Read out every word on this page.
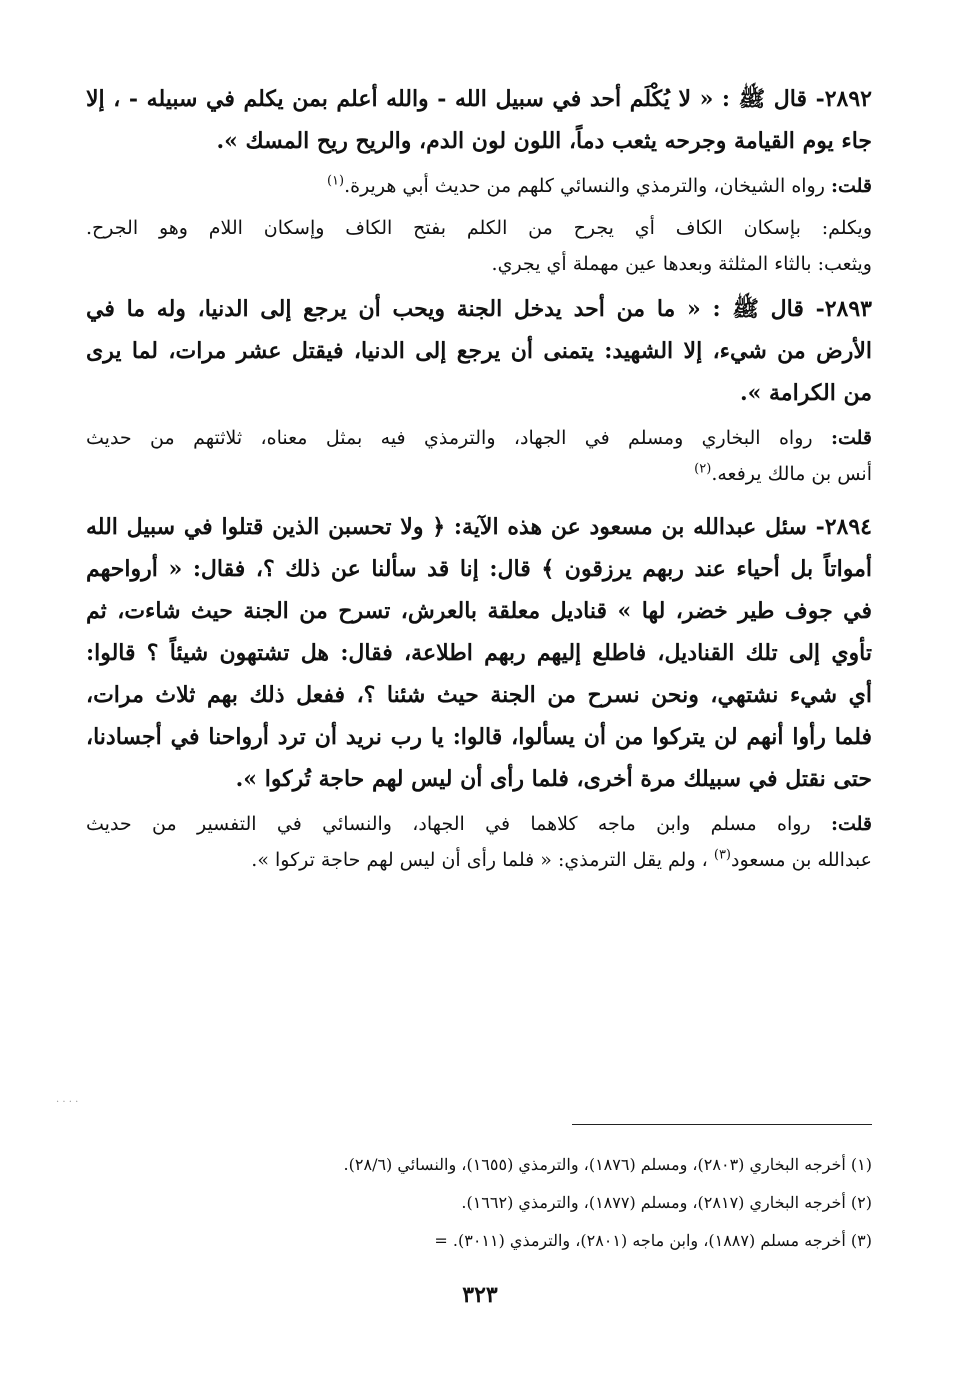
٢٨٩٢- قال ﷺ : « لا يُكْلَم أحد في سبيل الله - والله أعلم بمن يكلم في سبيله - ، إلا
جاء يوم القيامة وجرحه يثعب دماً، اللون لون الدم، والريح ريح المسك ».
قلت: رواه الشيخان، والترمذي والنسائي كلهم من حديث أبي هريرة.$^{(١)}$
ويكلم: بإسكان الكاف أي يجرح من الكلم بفتح الكاف وإسكان اللام وهو الجرح.
ويثعب: بالثاء المثلثة وبعدها عين مهملة أي يجري.
٢٨٩٣- قال ﷺ : « ما من أحد يدخل الجنة ويحب أن يرجع إلى الدنيا، وله ما في
الأرض من شيء، إلا الشهيد: يتمنى أن يرجع إلى الدنيا، فيقتل عشر مرات، لما يرى
من الكرامة ».
قلت: رواه البخاري ومسلم في الجهاد، والترمذي فيه بمثل معناه، ثلاثتهم من حديث
أنس بن مالك يرفعه.$^{(٢)}$
٢٨٩٤- سئل عبدالله بن مسعود عن هذه الآية: ﴿ ولا تحسبن الذين قتلوا في سبيل الله
أمواتاً بل أحياء عند ربهم يرزقون ﴾ قال: إنا قد سألنا عن ذلك ؟، فقال: « أرواحهم
في جوف طير خضر، لها » قناديل معلقة بالعرش، تسرح من الجنة حيث شاءت، ثم
تأوي إلى تلك القناديل، فاطلع إليهم ربهم اطلاعة، فقال: هل تشتهون شيئاً ؟ قالوا:
أي شيء نشتهي، ونحن نسرح من الجنة حيث شئنا ؟، ففعل ذلك بهم ثلاث مرات،
فلما رأوا أنهم لن يتركوا من أن يسألوا، قالوا: يا رب نريد أن ترد أرواحنا في أجسادنا،
حتى نقتل في سبيلك مرة أخرى، فلما رأى أن ليس لهم حاجة تُركوا ».
قلت: رواه مسلم وابن ماجه كلاهما في الجهاد، والنسائي في التفسير من حديث
عبدالله بن مسعود$^{(٣)}$ ، ولم يقل الترمذي: « فلما رأى أن ليس لهم حاجة تركوا ».
. . . .
(١) أخرجه البخاري (٢٨٠٣)، ومسلم (١٨٧٦)، والترمذي (١٦٥٥)، والنسائي (٢٨/٦).
(٢) أخرجه البخاري (٢٨١٧)، ومسلم (١٨٧٧)، والترمذي (١٦٦٢).
(٣) أخرجه مسلم (١٨٨٧)، وابن ماجه (٢٨٠١)، والترمذي (٣٠١١). =
٣٢٣
